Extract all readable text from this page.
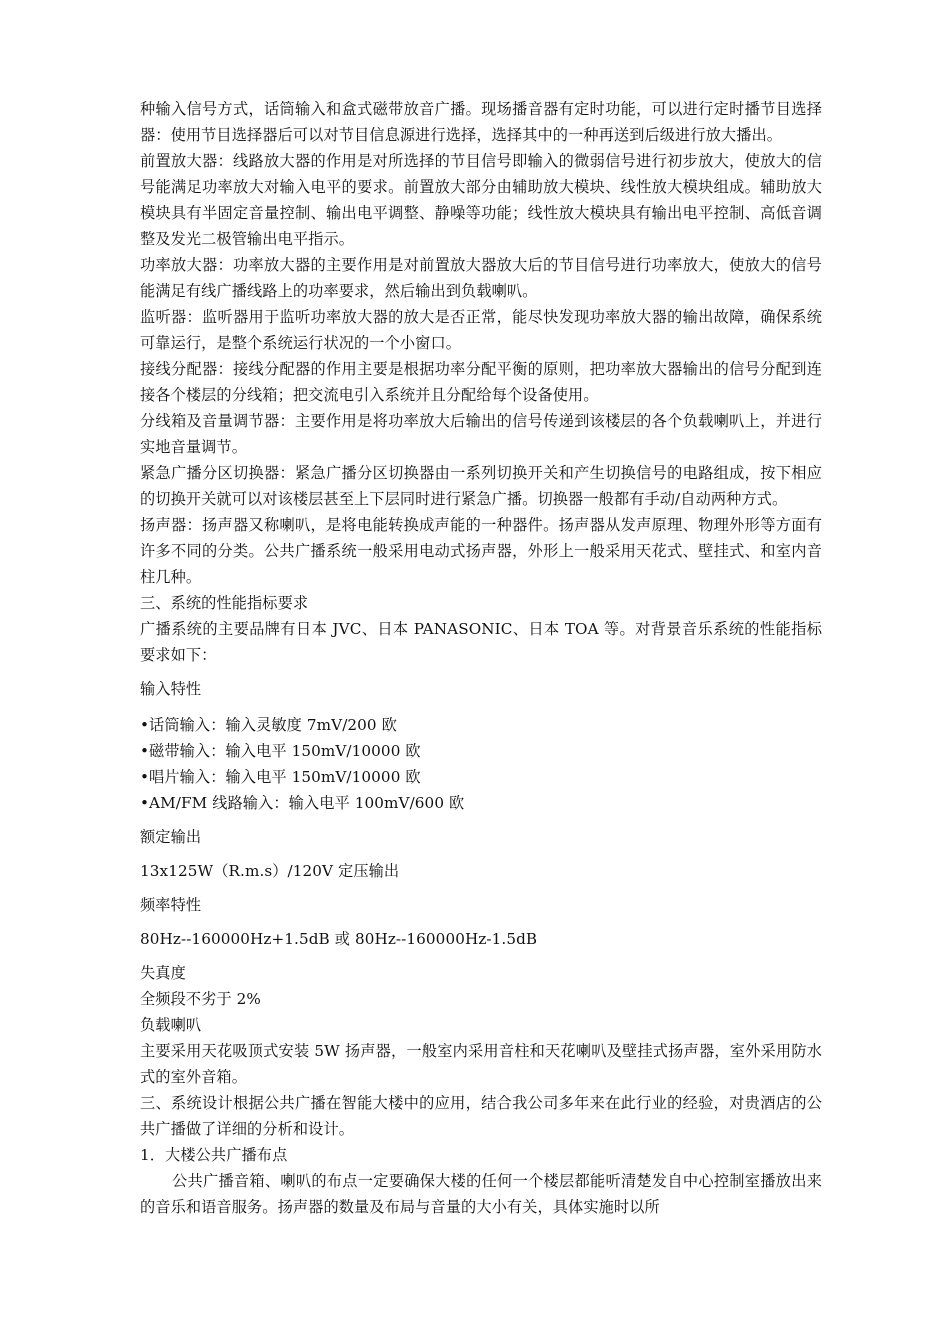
种输入信号方式，话筒输入和盒式磁带放音广播。现场播音器有定时功能，可以进行定时播节目选择器：使用节目选择器后可以对节目信息源进行选择，选择其中的一种再送到后级进行放大播出。

前置放大器：线路放大器的作用是对所选择的节目信号即输入的微弱信号进行初步放大，使放大的信号能满足功率放大对输入电平的要求。前置放大部分由辅助放大模块、线性放大模块组成。辅助放大模块具有半固定音量控制、输出电平调整、静噪等功能；线性放大模块具有输出电平控制、高低音调整及发光二极管输出电平指示。

功率放大器：功率放大器的主要作用是对前置放大器放大后的节目信号进行功率放大，使放大的信号能满足有线广播线路上的功率要求，然后输出到负载喇叭。

监听器：监听器用于监听功率放大器的放大是否正常，能尽快发现功率放大器的输出故障，确保系统可靠运行，是整个系统运行状况的一个小窗口。

接线分配器：接线分配器的作用主要是根据功率分配平衡的原则，把功率放大器输出的信号分配到连接各个楼层的分线箱；把交流电引入系统并且分配给每个设备使用。

分线箱及音量调节器：主要作用是将功率放大后输出的信号传递到该楼层的各个负载喇叭上，并进行实地音量调节。

紧急广播分区切换器：紧急广播分区切换器由一系列切换开关和产生切换信号的电路组成，按下相应的切换开关就可以对该楼层甚至上下层同时进行紧急广播。切换器一般都有手动/自动两种方式。

扬声器：扬声器又称喇叭，是将电能转换成声能的一种器件。扬声器从发声原理、物理外形等方面有许多不同的分类。公共广播系统一般采用电动式扬声器，外形上一般采用天花式、壁挂式、和室内音柱几种。

三、系统的性能指标要求

广播系统的主要品牌有日本 JVC、日本 PANASONIC、日本 TOA 等。对背景音乐系统的性能指标要求如下：

输入特性

•话筒输入：输入灵敏度 7mV/200 欧

•磁带输入：输入电平 150mV/10000 欧

•唱片输入：输入电平 150mV/10000 欧

•AM/FM 线路输入：输入电平 100mV/600 欧

额定输出

13x125W（R.m.s）/120V 定压输出

频率特性

80Hz--160000Hz+1.5dB 或 80Hz--160000Hz-1.5dB

失真度

全频段不劣于 2%

负载喇叭

主要采用天花吸顶式安装 5W 扬声器，一般室内采用音柱和天花喇叭及壁挂式扬声器，室外采用防水式的室外音箱。

三、系统设计根据公共广播在智能大楼中的应用，结合我公司多年来在此行业的经验，对贵酒店的公共广播做了详细的分析和设计。

1．大楼公共广播布点

公共广播音箱、喇叭的布点一定要确保大楼的任何一个楼层都能听清楚发自中心控制室播放出来的音乐和语音服务。扬声器的数量及布局与音量的大小有关，具体实施时以所
